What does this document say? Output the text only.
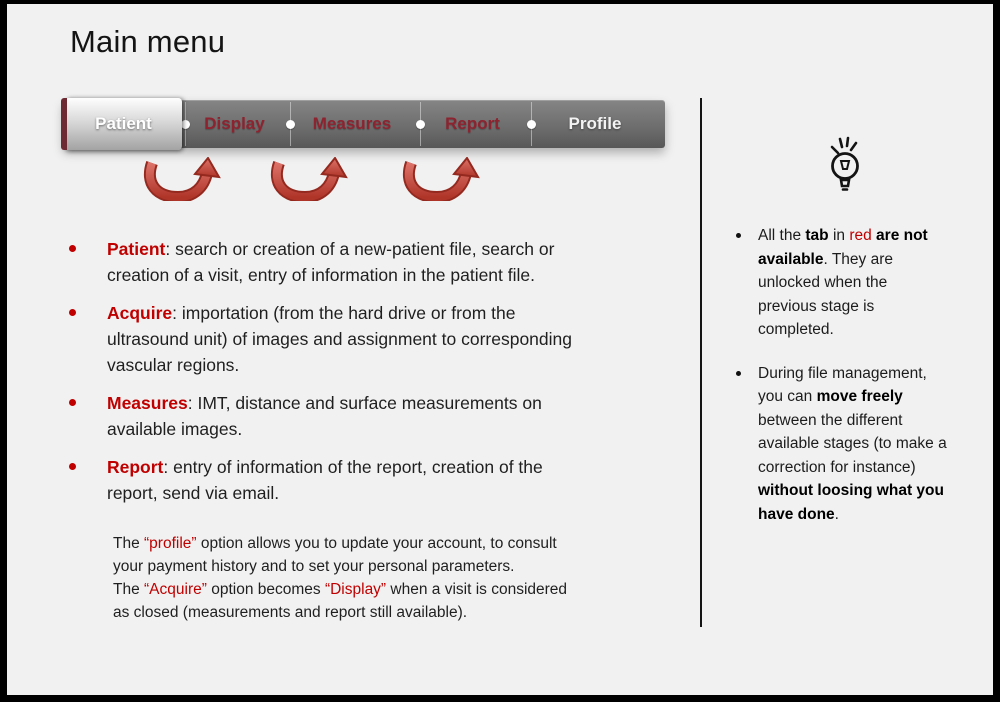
Main menu
Patient	Display	Measures	Report	Profile
Patient: search or creation of a new-patient file, search or
creation of a visit, entry of information in the patient file.
Acquire: importation (from the hard drive or from the
ultrasound unit) of images and assignment to corresponding
vascular regions.
Measures: IMT, distance and surface measurements on
available images.
Report: entry of information of the report, creation of the
report, send via email.
The “profile” option allows you to update your account, to consult
your payment history and to set your personal parameters.
The “Acquire” option becomes “Display” when a visit is considered
as closed (measurements and report still available).
All the tab in red are not
available. They are
unlocked when the
previous stage is
completed.
During file management,
you can move freely
between the different
available stages (to make a
correction for instance)
without loosing what you
have done.
